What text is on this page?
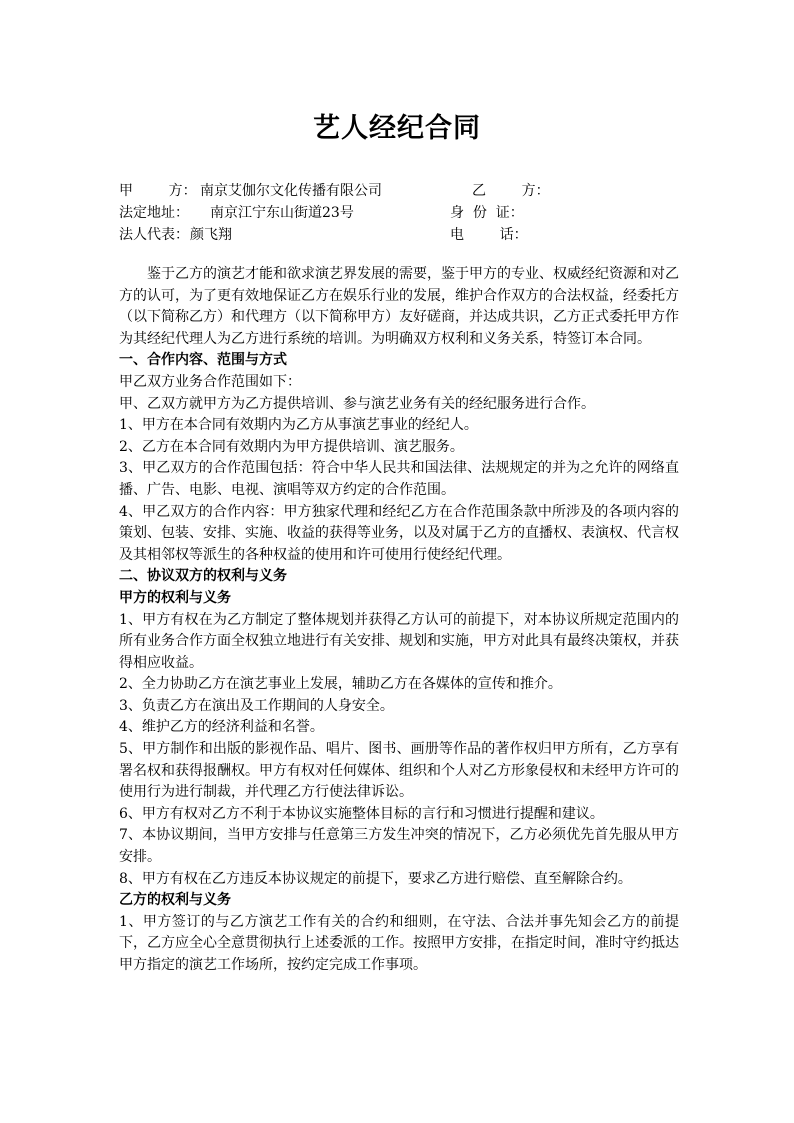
艺人经纪合同
甲        方： 南京艾伽尔文化传播有限公司	乙        方：
法定地址： 南京江宁东山街道23号	身  份  证：
法人代表： 颜飞翔	电        话：

鉴于乙方的演艺才能和欲求演艺界发展的需要，鉴于甲方的专业、权威经纪资源和对乙方的认可，为了更有效地保证乙方在娱乐行业的发展，维护合作双方的合法权益，经委托方（以下简称乙方）和代理方（以下简称甲方）友好磋商，并达成共识，乙方正式委托甲方作为其经纪代理人为乙方进行系统的培训。为明确双方权利和义务关系，特签订本合同。

一、合作内容、范围与方式

甲乙双方业务合作范围如下：

甲、乙双方就甲方为乙方提供培训、参与演艺业务有关的经纪服务进行合作。

1、甲方在本合同有效期内为乙方从事演艺事业的经纪人。

2、乙方在本合同有效期内为甲方提供培训、演艺服务。

3、甲乙双方的合作范围包括：符合中华人民共和国法律、法规规定的并为之允许的网络直播、广告、电影、电视、演唱等双方约定的合作范围。

4、甲乙双方的合作内容：甲方独家代理和经纪乙方在合作范围条款中所涉及的各项内容的策划、包装、安排、实施、收益的获得等业务，以及对属于乙方的直播权、表演权、代言权及其相邻权等派生的各种权益的使用和许可使用行使经纪代理。

二、协议双方的权利与义务

甲方的权利与义务

1、甲方有权在为乙方制定了整体规划并获得乙方认可的前提下，对本协议所规定范围内的所有业务合作方面全权独立地进行有关安排、规划和实施，甲方对此具有最终决策权，并获得相应收益。

2、全力协助乙方在演艺事业上发展，辅助乙方在各媒体的宣传和推介。

3、负责乙方在演出及工作期间的人身安全。

4、维护乙方的经济利益和名誉。

5、甲方制作和出版的影视作品、唱片、图书、画册等作品的著作权归甲方所有，乙方享有署名权和获得报酬权。甲方有权对任何媒体、组织和个人对乙方形象侵权和未经甲方许可的使用行为进行制裁，并代理乙方行使法律诉讼。

6、甲方有权对乙方不利于本协议实施整体目标的言行和习惯进行提醒和建议。

7、本协议期间，当甲方安排与任意第三方发生冲突的情况下，乙方必须优先首先服从甲方安排。

8、甲方有权在乙方违反本协议规定的前提下，要求乙方进行赔偿、直至解除合约。

乙方的权利与义务

1、甲方签订的与乙方演艺工作有关的合约和细则，在守法、合法并事先知会乙方的前提下，乙方应全心全意贯彻执行上述委派的工作。按照甲方安排，在指定时间，准时守约抵达甲方指定的演艺工作场所，按约定完成工作事项。
